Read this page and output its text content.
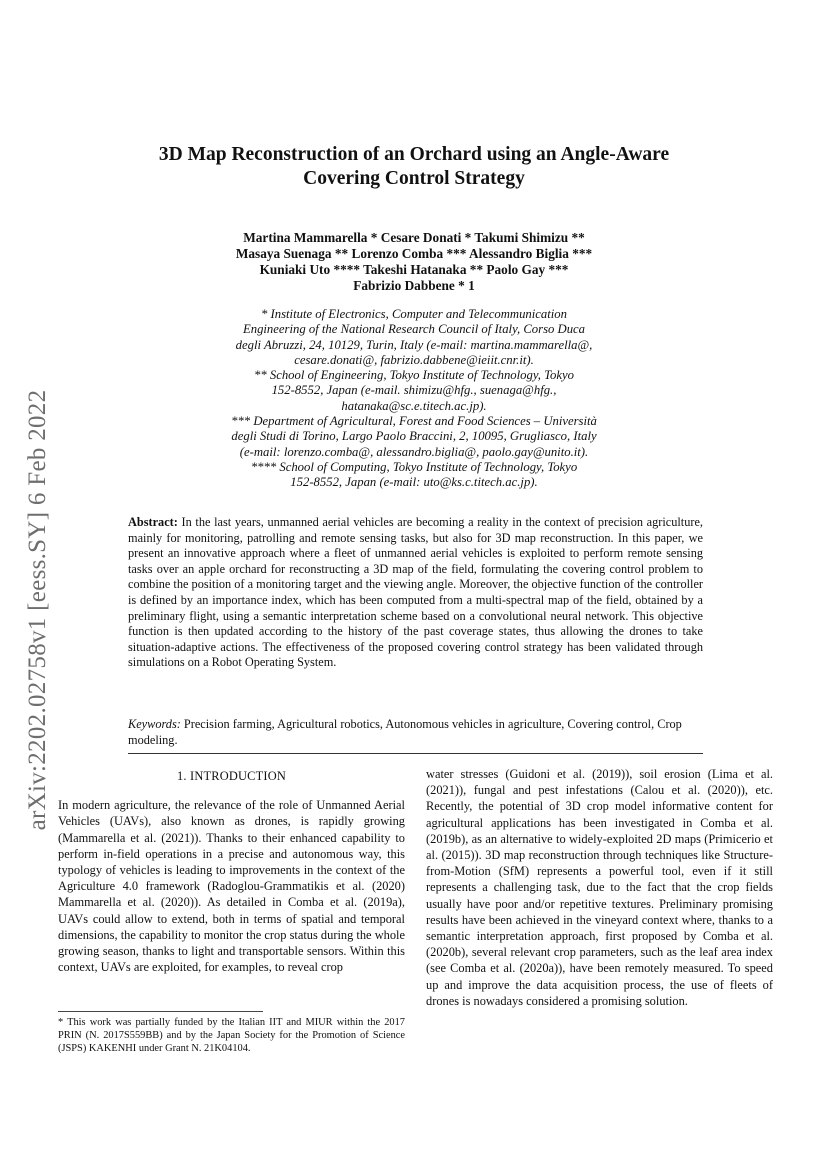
arXiv:2202.02758v1 [eess.SY] 6 Feb 2022
3D Map Reconstruction of an Orchard using an Angle-Aware Covering Control Strategy
Martina Mammarella * Cesare Donati * Takumi Shimizu **
Masaya Suenaga ** Lorenzo Comba *** Alessandro Biglia ***
Kuniaki Uto **** Takeshi Hatanaka ** Paolo Gay ***
Fabrizio Dabbene * 1
* Institute of Electronics, Computer and Telecommunication
Engineering of the National Research Council of Italy, Corso Duca
degli Abruzzi, 24, 10129, Turin, Italy (e-mail: martina.mammarella@,
cesare.donati@, fabrizio.dabbene@ieiit.cnr.it).
** School of Engineering, Tokyo Institute of Technology, Tokyo
152-8552, Japan (e-mail. shimizu@hfg., suenaga@hfg.,
hatanaka@sc.e.titech.ac.jp).
*** Department of Agricultural, Forest and Food Sciences – Università
degli Studi di Torino, Largo Paolo Braccini, 2, 10095, Grugliasco, Italy
(e-mail: lorenzo.comba@, alessandro.biglia@, paolo.gay@unito.it).
**** School of Computing, Tokyo Institute of Technology, Tokyo
152-8552, Japan (e-mail: uto@ks.c.titech.ac.jp).
Abstract: In the last years, unmanned aerial vehicles are becoming a reality in the context of precision agriculture, mainly for monitoring, patrolling and remote sensing tasks, but also for 3D map reconstruction. In this paper, we present an innovative approach where a fleet of unmanned aerial vehicles is exploited to perform remote sensing tasks over an apple orchard for reconstructing a 3D map of the field, formulating the covering control problem to combine the position of a monitoring target and the viewing angle. Moreover, the objective function of the controller is defined by an importance index, which has been computed from a multi-spectral map of the field, obtained by a preliminary flight, using a semantic interpretation scheme based on a convolutional neural network. This objective function is then updated according to the history of the past coverage states, thus allowing the drones to take situation-adaptive actions. The effectiveness of the proposed covering control strategy has been validated through simulations on a Robot Operating System.
Keywords: Precision farming, Agricultural robotics, Autonomous vehicles in agriculture, Covering control, Crop modeling.
1. INTRODUCTION

In modern agriculture, the relevance of the role of Unmanned Aerial Vehicles (UAVs), also known as drones, is rapidly growing (Mammarella et al. (2021)). Thanks to their enhanced capability to perform in-field operations in a precise and autonomous way, this typology of vehicles is leading to improvements in the context of the Agriculture 4.0 framework (Radoglou-Grammatikis et al. (2020) Mammarella et al. (2020)). As detailed in Comba et al. (2019a), UAVs could allow to extend, both in terms of spatial and temporal dimensions, the capability to monitor the crop status during the whole growing season, thanks to light and transportable sensors. Within this context, UAVs are exploited, for examples, to reveal crop

water stresses (Guidoni et al. (2019)), soil erosion (Lima et al. (2021)), fungal and pest infestations (Calou et al. (2020)), etc. Recently, the potential of 3D crop model informative content for agricultural applications has been investigated in Comba et al. (2019b), as an alternative to widely-exploited 2D maps (Primicerio et al. (2015)). 3D map reconstruction through techniques like Structure-from-Motion (SfM) represents a powerful tool, even if it still represents a challenging task, due to the fact that the crop fields usually have poor and/or repetitive textures. Preliminary promising results have been achieved in the vineyard context where, thanks to a semantic interpretation approach, first proposed by Comba et al. (2020b), several relevant crop parameters, such as the leaf area index (see Comba et al. (2020a)), have been remotely measured. To speed up and improve the data acquisition process, the use of fleets of drones is nowadays considered a promising solution.

* This work was partially funded by the Italian IIT and MIUR within the 2017 PRIN (N. 2017S559BB) and by the Japan Society for the Promotion of Science (JSPS) KAKENHI under Grant N. 21K04104.
